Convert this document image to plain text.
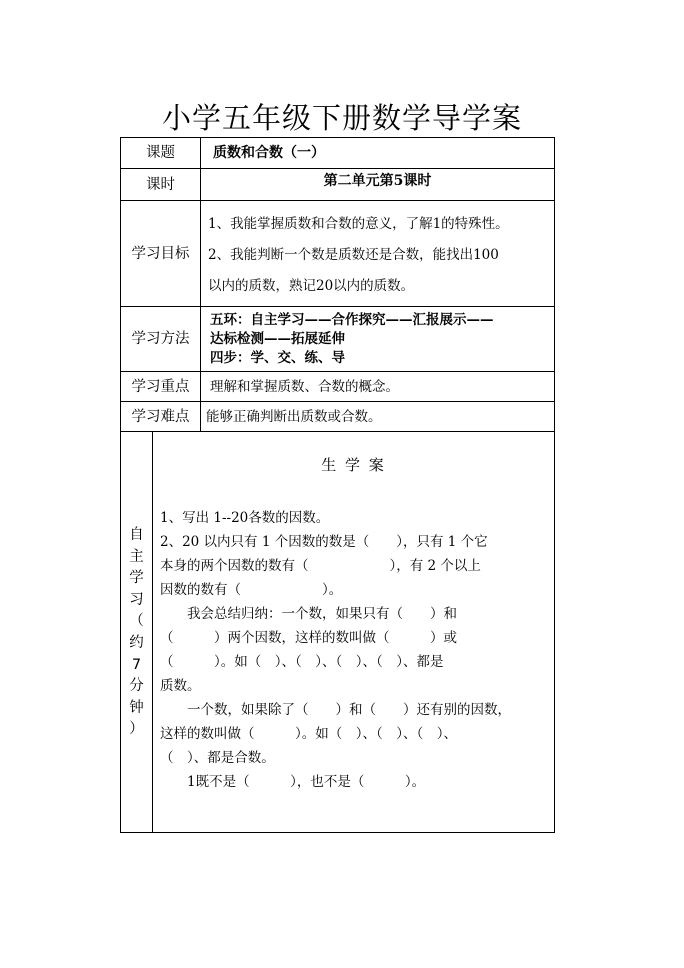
小学五年级下册数学导学案
课题
课时
学习目标
学习方法
学习重点
学习难点
质数和合数（一）
第二单元第5课时
1、我能掌握质数和合数的意义，了解1的特殊性。
2、我能判断一个数是质数还是合数，能找出100
以内的质数，熟记20以内的质数。
五环：自主学习——合作探究——汇报展示——
达标检测——拓展延伸
四步：学、交、练、导
理解和掌握质数、合数的概念。
能够正确判断出质数或合数。
自
主
学
习
（
约
7
分
钟
）
生 学 案
1、写出 1--20各数的因数。
2、20 以内只有 1 个因数的数是（　　），只有 1 个它
本身的两个因数的数有（　　　　　　），有 2 个以上
因数的数有（　　　　　　）。
　　我会总结归纳：一个数，如果只有（　　）和
（　　　）两个因数，这样的数叫做（　　　）或
（　　　）。如（　）、（　）、（　）、（　）、都是
质数。
　　一个数，如果除了（　　）和（　　）还有别的因数，
这样的数叫做（　　　）。如（　）、（　）、（　）、
（　）、都是合数。
　　1既不是（　　　），也不是（　　　）。
